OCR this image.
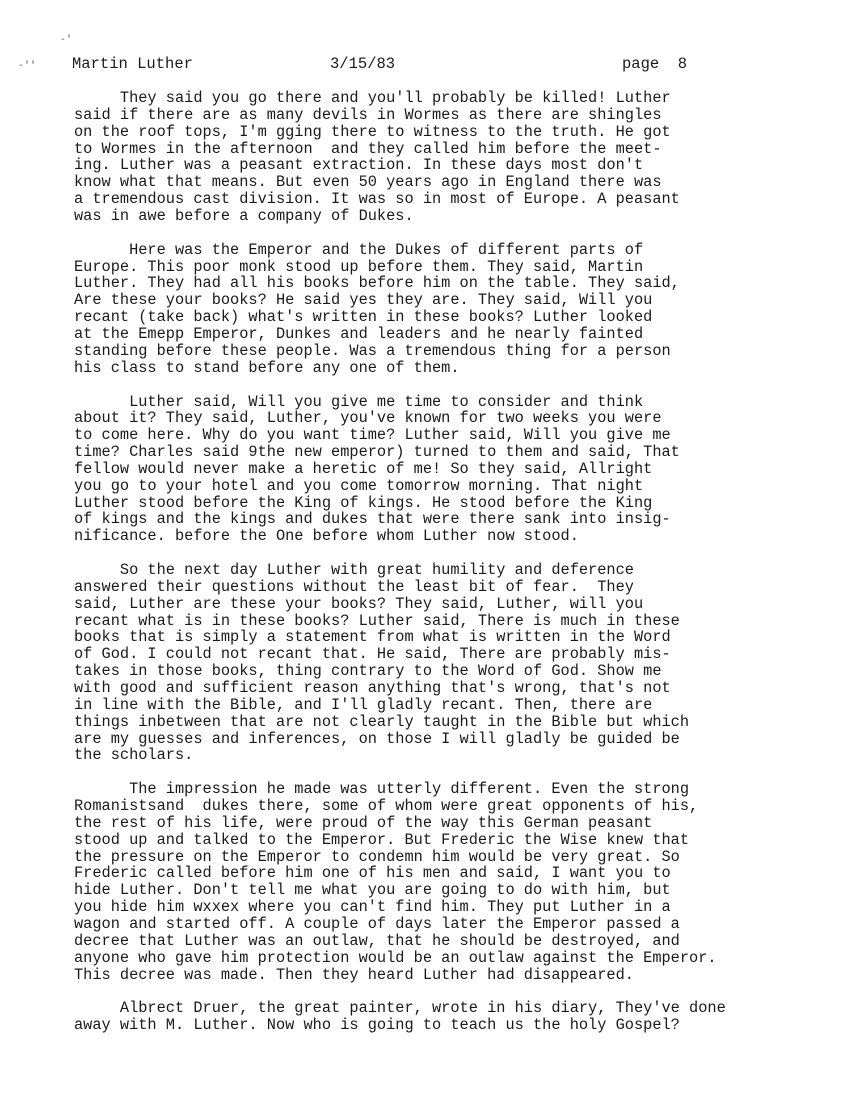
-'
-'' Martin Luther	3/15/83	page  8
They said you go there and you'll probably be killed! Luther
said if there are as many devils in Wormes as there are shingles
on the roof tops, I'm gging there to witness to the truth. He got
to Wormes in the afternoon  and they called him before the meet-
ing. Luther was a peasant extraction. In these days most don't
know what that means. But even 50 years ago in England there was
a tremendous cast division. It was so in most of Europe. A peasant
was in awe before a company of Dukes.
Here was the Emperor and the Dukes of different parts of
Europe. This poor monk stood up before them. They said, Martin
Luther. They had all his books before him on the table. They said,
Are these your books? He said yes they are. They said, Will you
recant (take back) what's written in these books? Luther looked
at the Emepp Emperor, Dunkes and leaders and he nearly fainted
standing before these people. Was a tremendous thing for a person
his class to stand before any one of them.
Luther said, Will you give me time to consider and think
about it? They said, Luther, you've known for two weeks you were
to come here. Why do you want time? Luther said, Will you give me
time? Charles said 9the new emperor) turned to them and said, That
fellow would never make a heretic of me! So they said, Allright
you go to your hotel and you come tomorrow morning. That night
Luther stood before the King of kings. He stood before the King
of kings and the kings and dukes that were there sank into insig-
nificance. before the One before whom Luther now stood.
So the next day Luther with great humility and deference
answered their questions without the least bit of fear.  They
said, Luther are these your books? They said, Luther, will you
recant what is in these books? Luther said, There is much in these
books that is simply a statement from what is written in the Word
of God. I could not recant that. He said, There are probably mis-
takes in those books, thing contrary to the Word of God. Show me
with good and sufficient reason anything that's wrong, that's not
in line with the Bible, and I'll gladly recant. Then, there are
things inbetween that are not clearly taught in the Bible but which
are my guesses and inferences, on those I will gladly be guided be
the scholars.
The impression he made was utterly different. Even the strong
Romanistsand  dukes there, some of whom were great opponents of his,
the rest of his life, were proud of the way this German peasant
stood up and talked to the Emperor. But Frederic the Wise knew that
the pressure on the Emperor to condemn him would be very great. So
Frederic called before him one of his men and said, I want you to
hide Luther. Don't tell me what you are going to do with him, but
you hide him wxxex where you can't find him. They put Luther in a
wagon and started off. A couple of days later the Emperor passed a
decree that Luther was an outlaw, that he should be destroyed, and
anyone who gave him protection would be an outlaw against the Emperor.
This decree was made. Then they heard Luther had disappeared.
Albrect Druer, the great painter, wrote in his diary, They've done
away with M. Luther. Now who is going to teach us the holy Gospel?
